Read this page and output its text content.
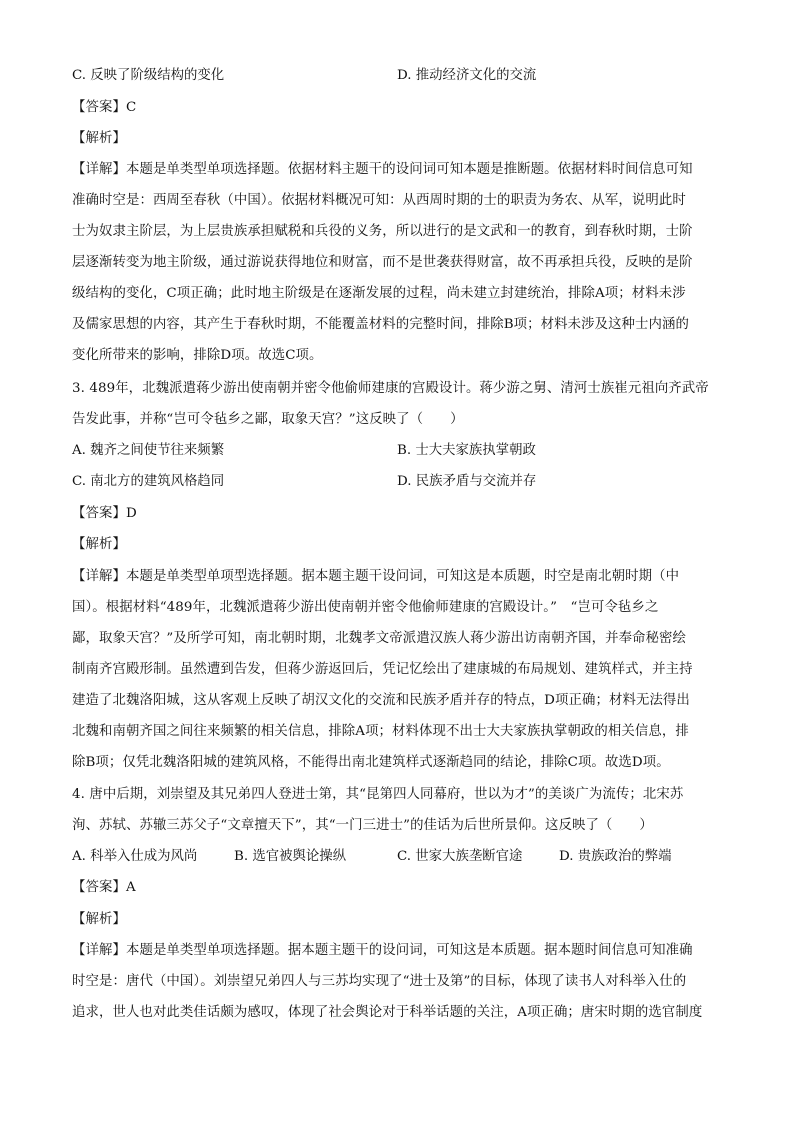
C. 反映了阶级结构的变化	D. 推动经济文化的交流
【答案】C
【解析】
【详解】本题是单类型单项选择题。依据材料主题干的设问词可知本题是推断题。依据材料时间信息可知
准确时空是：西周至春秋（中国）。依据材料概况可知：从西周时期的士的职责为务农、从军，说明此时
士为奴隶主阶层，为上层贵族承担赋税和兵役的义务，所以进行的是文武和一的教育，到春秋时期，士阶
层逐渐转变为地主阶级，通过游说获得地位和财富，而不是世袭获得财富，故不再承担兵役，反映的是阶
级结构的变化，C项正确；此时地主阶级是在逐渐发展的过程，尚未建立封建统治，排除A项；材料未涉
及儒家思想的内容，其产生于春秋时期，不能覆盖材料的完整时间，排除B项；材料未涉及这种士内涵的
变化所带来的影响，排除D项。故选C项。
3. 489年，北魏派遣蒋少游出使南朝并密令他偷师建康的宫殿设计。蒋少游之舅、清河士族崔元祖向齐武帝
告发此事，并称“岂可令毡乡之鄙，取象天宫？”这反映了（　　）
A. 魏齐之间使节往来频繁	B. 士大夫家族执掌朝政
C. 南北方的建筑风格趋同	D. 民族矛盾与交流并存
【答案】D
【解析】
【详解】本题是单类型单项型选择题。据本题主题干设问词，可知这是本质题，时空是南北朝时期（中
国）。根据材料“489年，北魏派遣蒋少游出使南朝并密令他偷师建康的宫殿设计。”　“岂可令毡乡之
鄙，取象天宫？”及所学可知，南北朝时期，北魏孝文帝派遣汉族人蒋少游出访南朝齐国，并奉命秘密绘
制南齐宫殿形制。虽然遭到告发，但蒋少游返回后，凭记忆绘出了建康城的布局规划、建筑样式，并主持
建造了北魏洛阳城，这从客观上反映了胡汉文化的交流和民族矛盾并存的特点，D项正确；材料无法得出
北魏和南朝齐国之间往来频繁的相关信息，排除A项；材料体现不出士大夫家族执掌朝政的相关信息，排
除B项；仅凭北魏洛阳城的建筑风格，不能得出南北建筑样式逐渐趋同的结论，排除C项。故选D项。
4. 唐中后期，刘崇望及其兄弟四人登进士第，其“昆第四人同幕府，世以为才”的美谈广为流传；北宋苏
洵、苏轼、苏辙三苏父子“文章擅天下”，其“一门三进士”的佳话为后世所景仰。这反映了（　　）
A. 科举入仕成为风尚	B. 选官被舆论操纵	C. 世家大族垄断官途	D. 贵族政治的弊端
【答案】A
【解析】
【详解】本题是单类型单项选择题。据本题主题干的设问词，可知这是本质题。据本题时间信息可知准确
时空是：唐代（中国）。刘崇望兄弟四人与三苏均实现了“进士及第”的目标，体现了读书人对科举入仕的
追求，世人也对此类佳话颇为感叹，体现了社会舆论对于科举话题的关注，A项正确；唐宋时期的选官制度
